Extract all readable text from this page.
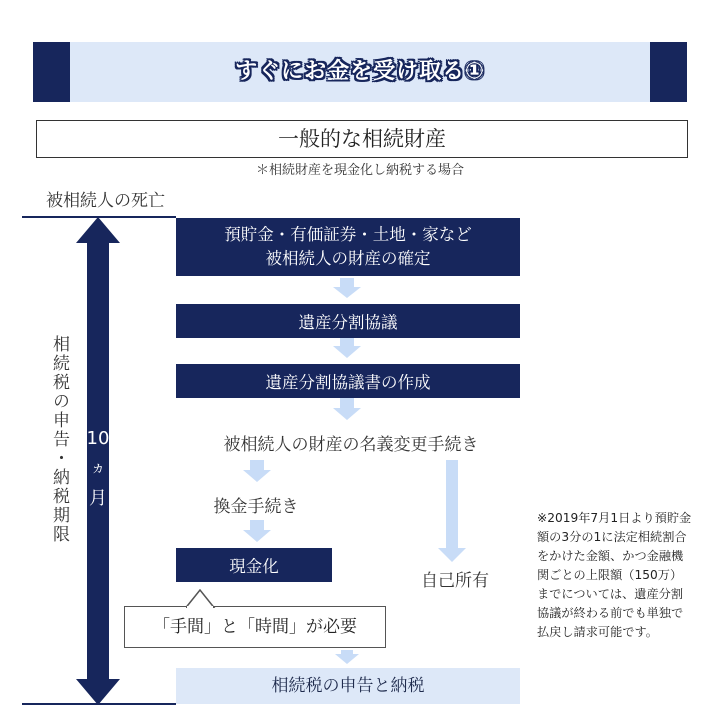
すぐにお金を受け取る①
一般的な相続財産
＊相続財産を現金化し納税する場合
被相続人の死亡
相続税の申告・納税期限 10
ヵ
月
預貯金・有価証券・土地・家など
被相続人の財産の確定
遺産分割協議
遺産分割協議書の作成
被相続人の財産の名義変更手続き
換金手続き
現金化
自己所有
「手間」と「時間」が必要
相続税の申告と納税
※2019年7月1日より預貯金額の3分の1に法定相続割合をかけた金額、かつ金融機関ごとの上限額（150万）までについては、遺産分割協議が終わる前でも単独で払戻し請求可能です。
